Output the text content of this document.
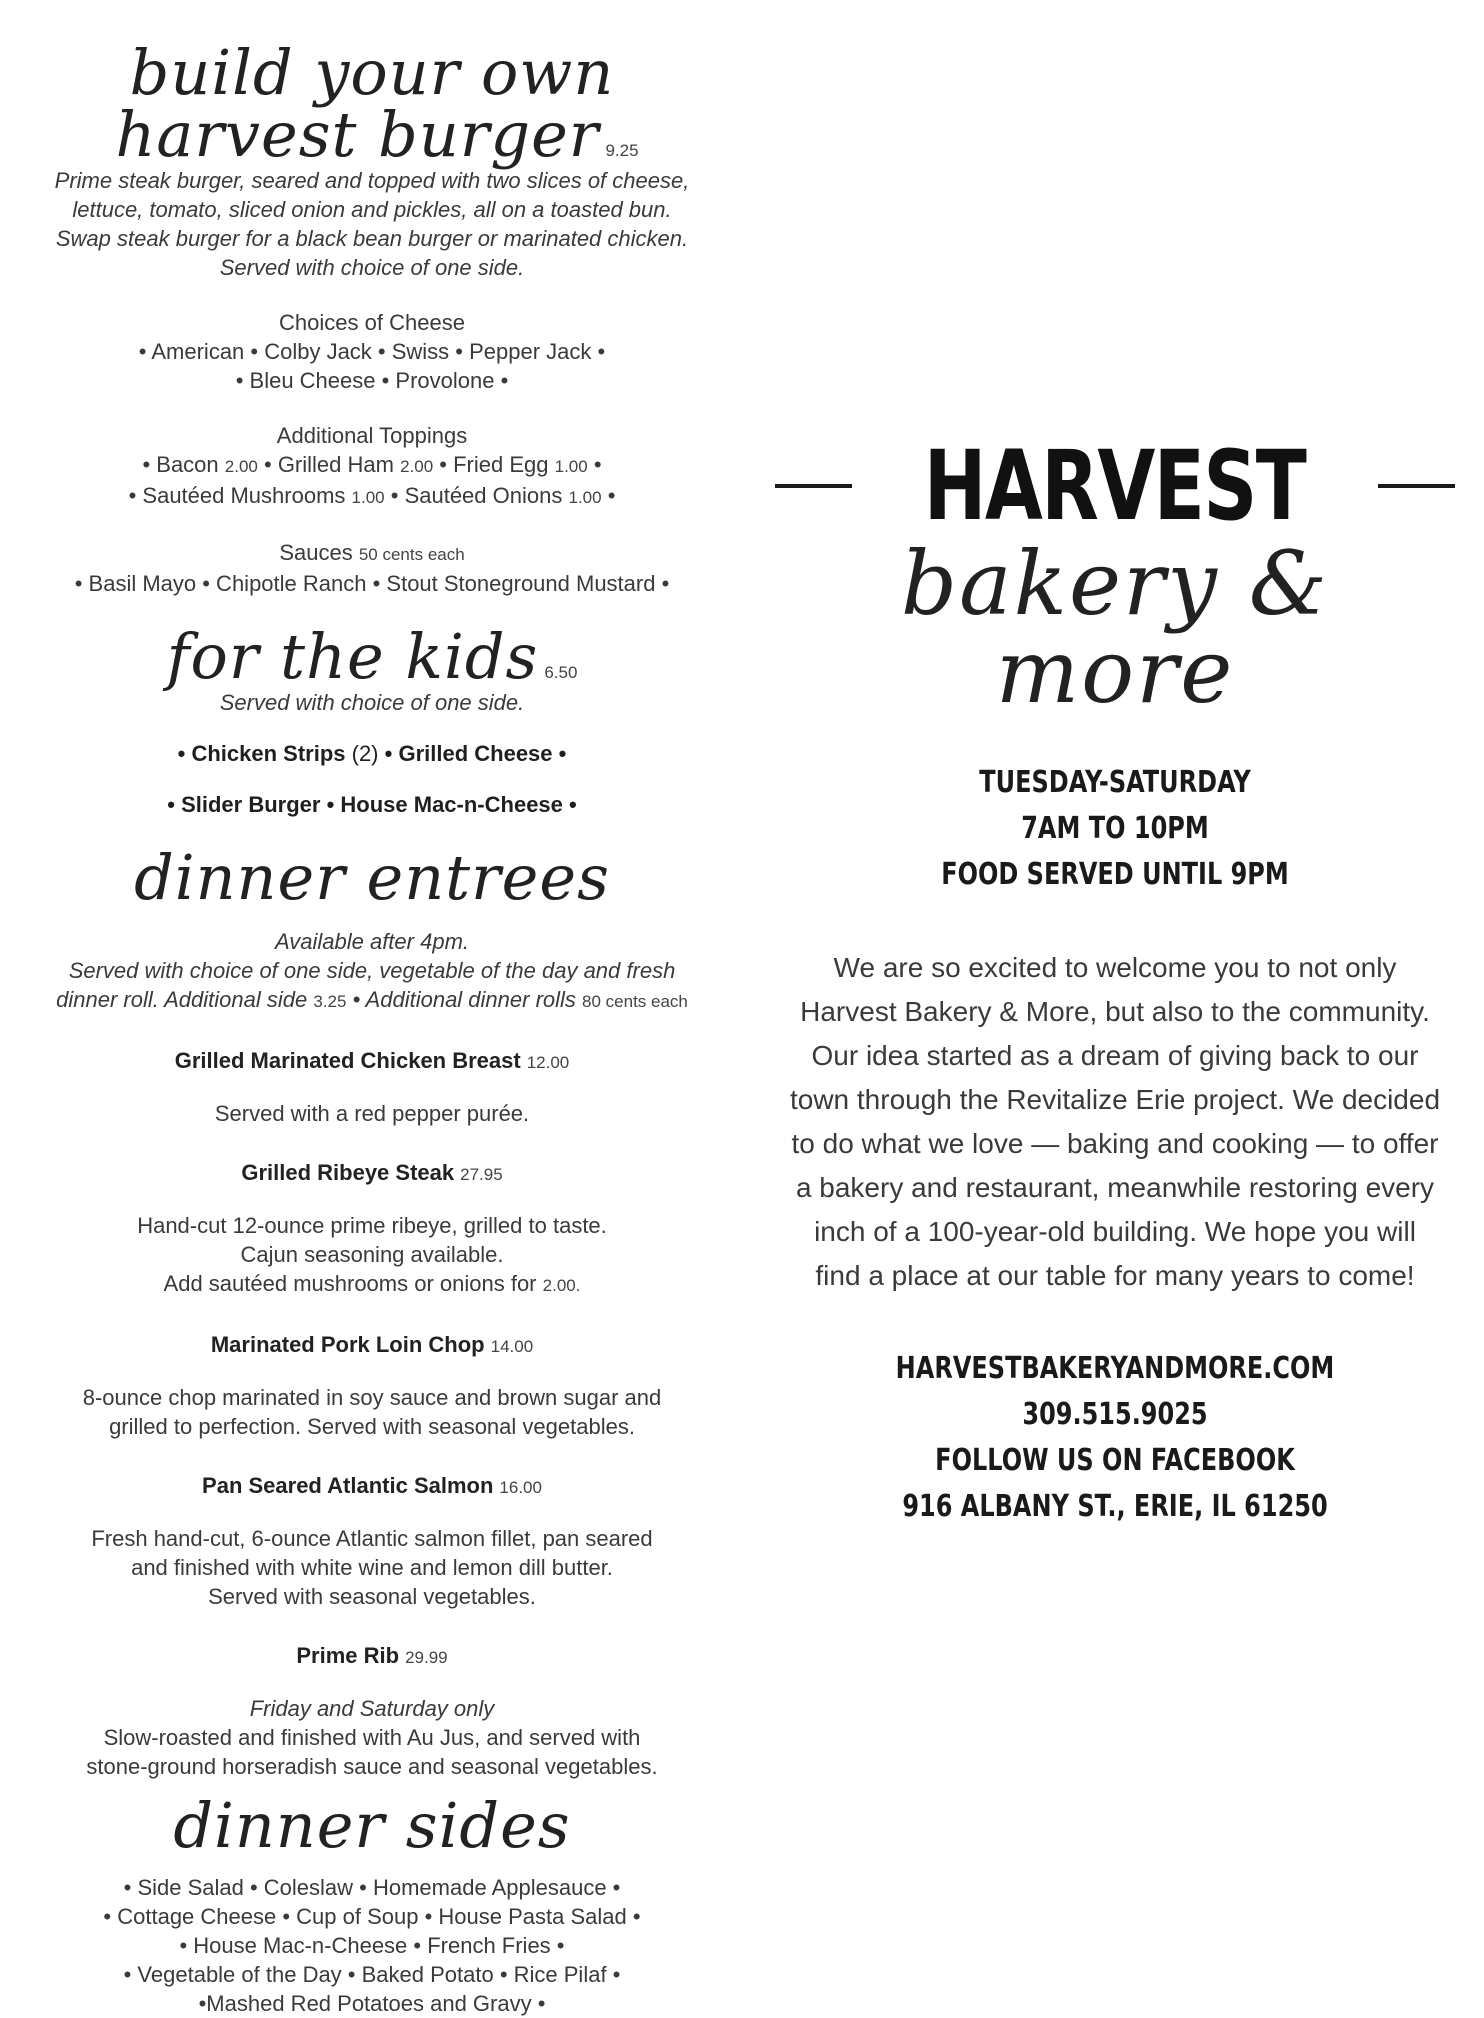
build your own
harvest burger 9.25

Prime steak burger, seared and topped with two slices of cheese,

lettuce, tomato, sliced onion and pickles, all on a toasted bun.

Swap steak burger for a black bean burger or marinated chicken.

Served with choice of one side.

Choices of Cheese

• American • Colby Jack • Swiss • Pepper Jack •

• Bleu Cheese • Provolone •

Additional Toppings

• Bacon 2.00 • Grilled Ham 2.00 • Fried Egg 1.00 •

• Sautéed Mushrooms 1.00 • Sautéed Onions 1.00 •

Sauces 50 cents each

• Basil Mayo • Chipotle Ranch • Stout Stoneground Mustard •

for the kids 6.50

Served with choice of one side.

• Chicken Strips (2) • Grilled Cheese •

• Slider Burger • House Mac-n-Cheese •

dinner entrees

Available after 4pm.

Served with choice of one side, vegetable of the day and fresh

dinner roll. Additional side 3.25 • Additional dinner rolls 80 cents each

Grilled Marinated Chicken Breast 12.00

Served with a red pepper purée.

Grilled Ribeye Steak 27.95

Hand-cut 12-ounce prime ribeye, grilled to taste.

Cajun seasoning available.

Add sautéed mushrooms or onions for 2.00.

Marinated Pork Loin Chop 14.00

8-ounce chop marinated in soy sauce and brown sugar and

grilled to perfection. Served with seasonal vegetables.

Pan Seared Atlantic Salmon 16.00

Fresh hand-cut, 6-ounce Atlantic salmon fillet, pan seared

and finished with white wine and lemon dill butter.

Served with seasonal vegetables.

Prime Rib 29.99

Friday and Saturday only

Slow-roasted and finished with Au Jus, and served with

stone-ground horseradish sauce and seasonal vegetables.

dinner sides

• Side Salad • Coleslaw • Homemade Applesauce •

• Cottage Cheese • Cup of Soup • House Pasta Salad •

• House Mac-n-Cheese • French Fries •

• Vegetable of the Day • Baked Potato • Rice Pilaf •

•Mashed Red Potatoes and Gravy •

HARVEST
bakery & more
TUESDAY-SATURDAY
7AM TO 10PM
FOOD SERVED UNTIL 9PM
We are so excited to welcome you to not only
Harvest Bakery & More, but also to the community.
Our idea started as a dream of giving back to our
town through the Revitalize Erie project. We decided
to do what we love — baking and cooking — to offer
a bakery and restaurant, meanwhile restoring every
inch of a 100-year-old building. We hope you will
find a place at our table for many years to come!
HARVESTBAKERYANDMORE.COM
309.515.9025
FOLLOW US ON FACEBOOK
916 ALBANY ST., ERIE, IL 61250
